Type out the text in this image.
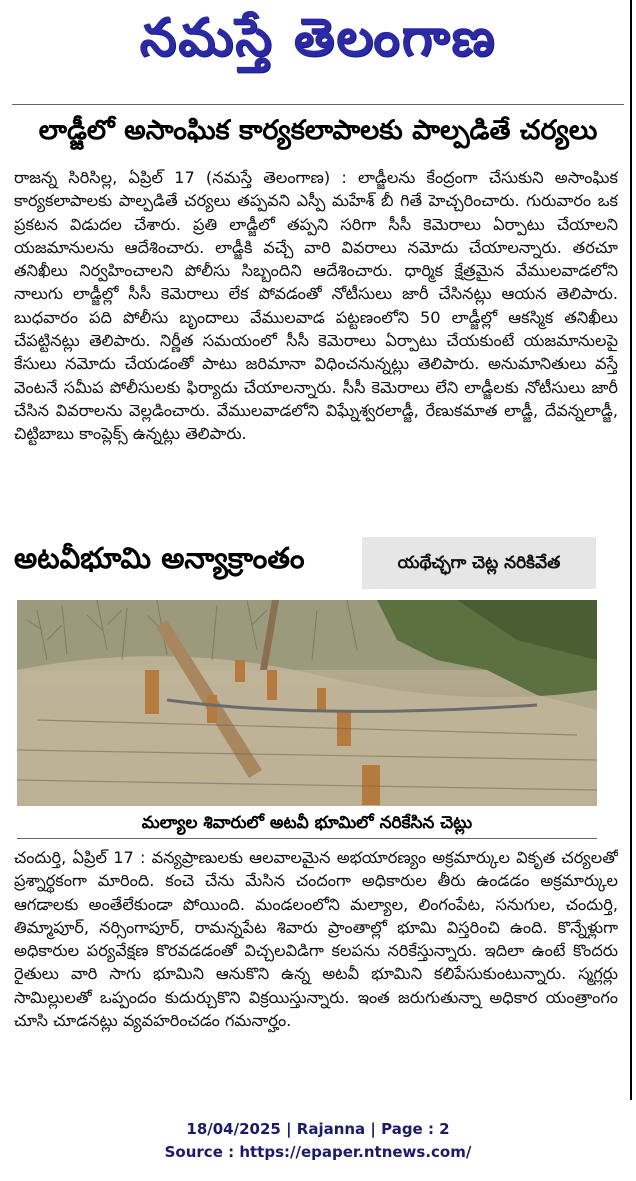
నమస్తే తెలంగాణ
లాడ్జీలో అసాంఘిక కార్యకలాపాలకు పాల్పడితే చర్యలు
రాజన్న సిరిసిల్ల, ఏప్రిల్ 17 (నమస్తే తెలంగాణ) : లాడ్జీలను కేంద్రంగా చేసుకుని అసాంఘిక కార్యకలాపాలకు పాల్పడితే చర్యలు తప్పవని ఎస్పీ మహేశ్ బీ గితే హెచ్చరించారు. గురువారం ఒక ప్రకటన విడుదల చేశారు. ప్రతి లాడ్జీలో తప్పని సరిగా సీసీ కెమెరాలు ఏర్పాటు చేయాలని యజమానులను ఆదేశించారు. లాడ్జీకి వచ్చే వారి వివరాలు నమోదు చేయాలన్నారు. తరచూ తనిఖీలు నిర్వహించాలని పోలీసు సిబ్బందిని ఆదేశించారు. ధార్మిక క్షేత్రమైన వేములవాడలోని నాలుగు లాడ్జీల్లో సీసీ కెమెరాలు లేక పోవడంతో నోటీసులు జారీ చేసినట్లు ఆయన తెలిపారు. బుధవారం పది పోలీసు బృందాలు వేములవాడ పట్టణంలోని 50 లాడ్జీల్లో ఆకస్మిక తనిఖీలు చేపట్టినట్లు తెలిపారు. నిర్ణీత సమయంలో సీసీ కెమెరాలు ఏర్పాటు చేయకుంటే యజమానులపై కేసులు నమోదు చేయడంతో పాటు జరిమానా విధించనున్నట్లు తెలిపారు. అనుమానితులు వస్తే వెంటనే సమీప పోలీసులకు ఫిర్యాదు చేయాలన్నారు. సీసీ కెమెరాలు లేని లాడ్జీలకు నోటీసులు జారీ చేసిన వివరాలను వెల్లడించారు. వేములవాడలోని విఘ్నేశ్వరలాడ్జీ, రేణుకమాత లాడ్జీ, దేవన్నలాడ్జీ, చిట్టిబాబు కాంప్లెక్స్ ఉన్నట్లు తెలిపారు.
అటవీభూమి అన్యాక్రాంతం	యథేచ్ఛగా చెట్ల నరికివేత
మల్యాల శివారులో అటవీ భూమిలో నరికేసిన చెట్లు
చందుర్తి, ఏప్రిల్ 17 : వన్యప్రాణులకు ఆలవాలమైన అభయారణ్యం అక్రమార్కుల వికృత చర్యలతో ప్రశ్నార్థకంగా మారింది. కంచె చేను మేసిన చందంగా అధికారుల తీరు ఉండడం అక్రమార్కుల ఆగడాలకు అంతేలేకుండా పోయింది. మండలంలోని మల్యాల, లింగంపేట, సనుగుల, చందుర్తి, తిమ్మాపూర్, నర్సింగాపూర్, రామన్నపేట శివారు ప్రాంతాల్లో భూమి విస్తరించి ఉంది. కొన్నేళ్లుగా అధికారుల పర్యవేక్షణ కొరవడడంతో విచ్చలవిడిగా కలపను నరికేస్తున్నారు. ఇదిలా ఉంటే కొందరు రైతులు వారి సాగు భూమిని ఆనుకొని ఉన్న అటవీ భూమిని కలిపేసుకుంటున్నారు. స్మగ్లర్లు సామిల్లులతో ఒప్పందం కుదుర్చుకొని విక్రయిస్తున్నారు. ఇంత జరుగుతున్నా అధికార యంత్రాంగం చూసి చూడనట్లు వ్యవహరించడం గమనార్హం.
18/04/2025 | Rajanna | Page : 2
Source : https://epaper.ntnews.com/
